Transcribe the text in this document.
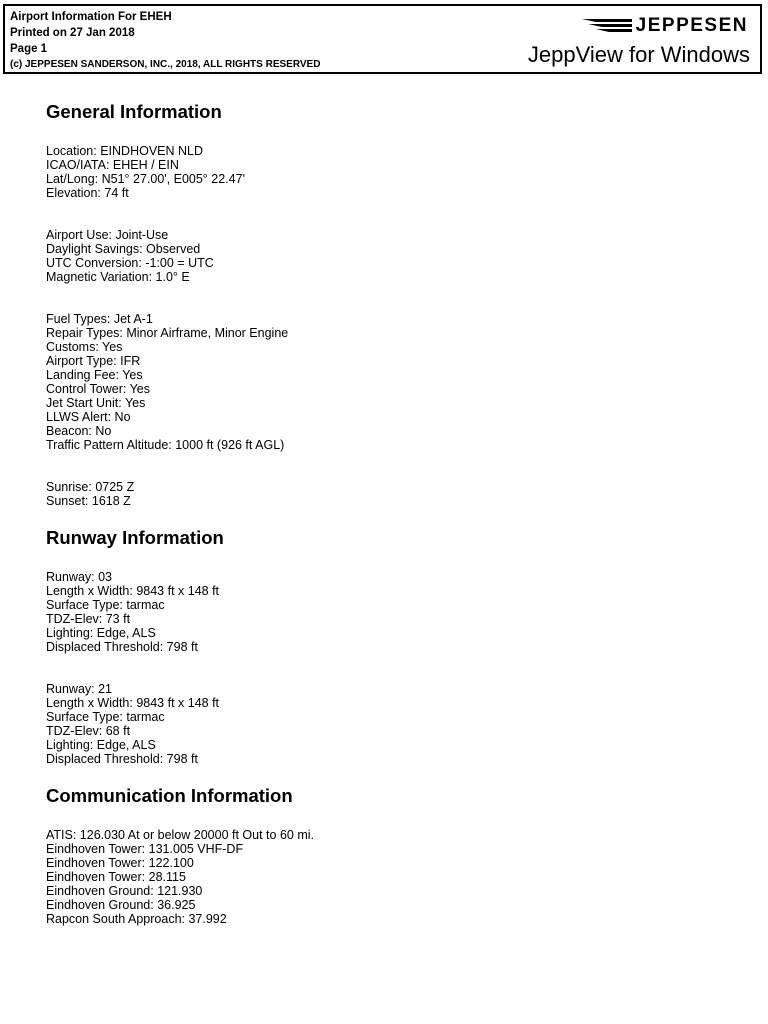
Airport Information For EHEH
Printed on 27 Jan 2018
Page 1
(c) JEPPESEN SANDERSON, INC., 2018, ALL RIGHTS RESERVED
JEPPESEN
JeppView for Windows
General Information
Location: EINDHOVEN NLD
ICAO/IATA: EHEH / EIN
Lat/Long: N51° 27.00', E005° 22.47'
Elevation: 74 ft
Airport Use: Joint-Use
Daylight Savings: Observed
UTC Conversion: -1:00 = UTC
Magnetic Variation: 1.0° E
Fuel Types: Jet A-1
Repair Types: Minor Airframe, Minor Engine
Customs: Yes
Airport Type: IFR
Landing Fee: Yes
Control Tower: Yes
Jet Start Unit: Yes
LLWS Alert: No
Beacon: No
Traffic Pattern Altitude: 1000 ft (926 ft AGL)
Sunrise: 0725 Z
Sunset: 1618 Z
Runway Information
Runway: 03
Length x Width: 9843 ft x 148 ft
Surface Type: tarmac
TDZ-Elev: 73 ft
Lighting: Edge, ALS
Displaced Threshold: 798 ft
Runway: 21
Length x Width: 9843 ft x 148 ft
Surface Type: tarmac
TDZ-Elev: 68 ft
Lighting: Edge, ALS
Displaced Threshold: 798 ft
Communication Information
ATIS: 126.030 At or below 20000 ft Out to 60 mi.
Eindhoven Tower: 131.005 VHF-DF
Eindhoven Tower: 122.100
Eindhoven Tower: 28.115
Eindhoven Ground: 121.930
Eindhoven Ground: 36.925
Rapcon South Approach: 37.992
